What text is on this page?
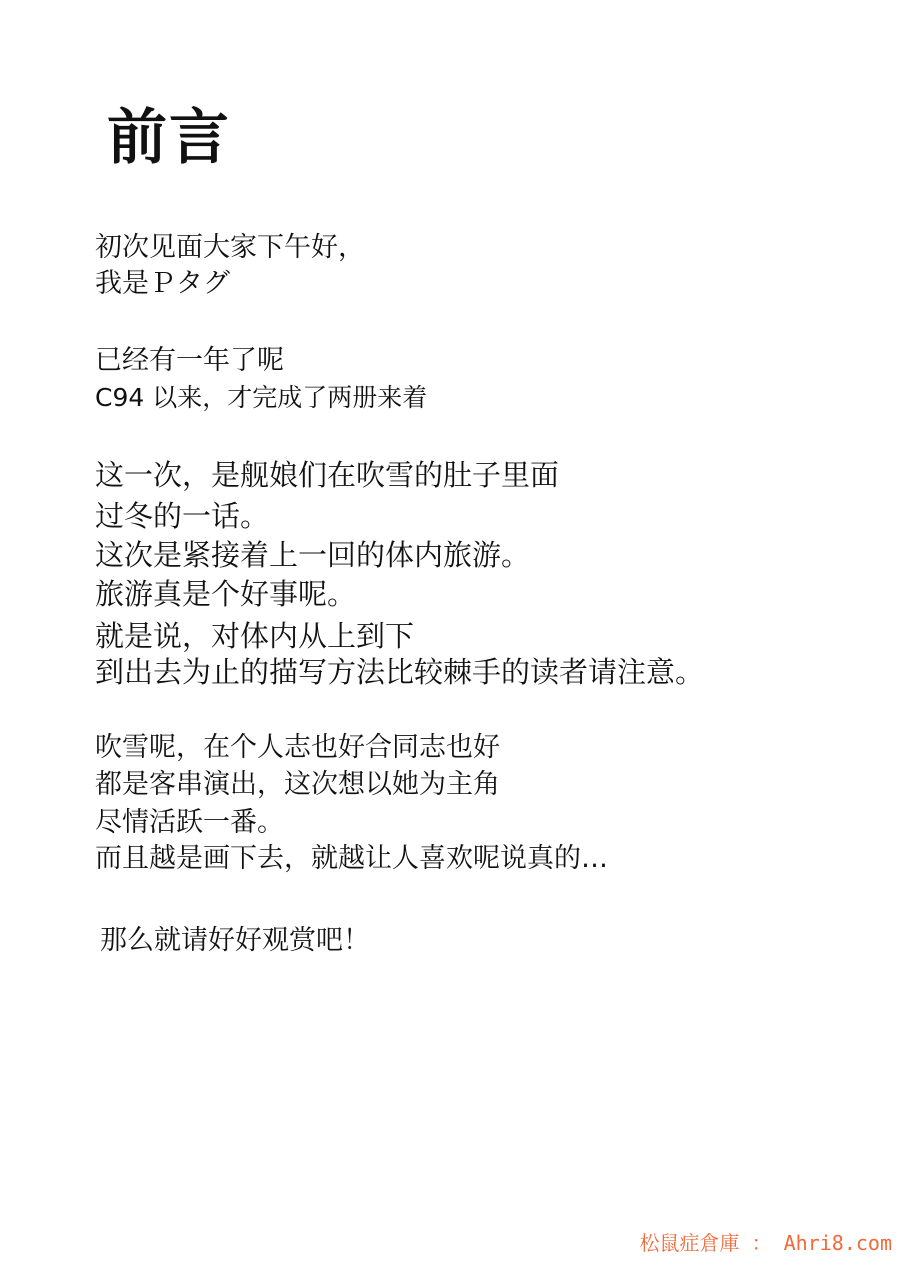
前言
初次见面大家下午好，
我是Ｐタグ
已经有一年了呢
C94 以来，才完成了两册来着
这一次，是舰娘们在吹雪的肚子里面
过冬的一话。
这次是紧接着上一回的体内旅游。
旅游真是个好事呢。
就是说，对体内从上到下
到出去为止的描写方法比较棘手的读者请注意。
吹雪呢，在个人志也好合同志也好
都是客串演出，这次想以她为主角
尽情活跃一番。
而且越是画下去，就越让人喜欢呢说真的…
那么就请好好观赏吧！
松鼠症倉庫 ： Ahri8.com
